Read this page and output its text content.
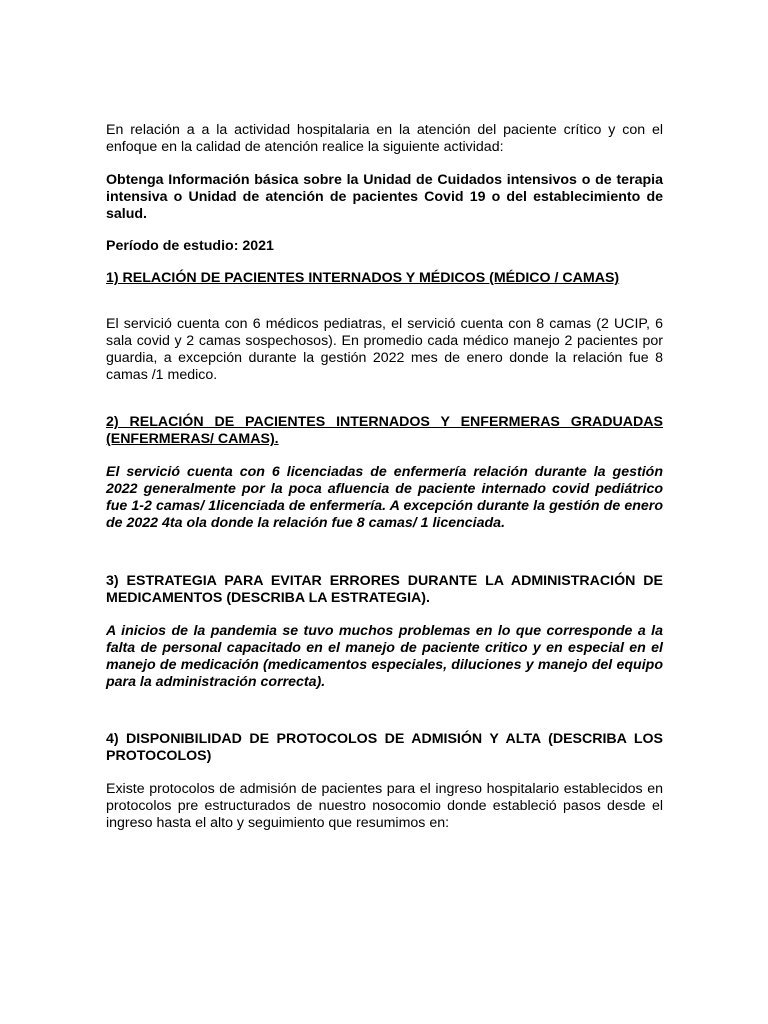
En relación a a la actividad hospitalaria en la atención del paciente crítico y con el enfoque en la calidad de atención realice la siguiente actividad:

Obtenga Información básica sobre la Unidad de Cuidados intensivos o de terapia intensiva o Unidad de atención de pacientes Covid 19 o del establecimiento de salud.

Período de estudio: 2021

1) RELACIÓN DE PACIENTES INTERNADOS Y MÉDICOS (MÉDICO / CAMAS)

El servició cuenta con 6 médicos pediatras, el servició cuenta con 8 camas (2 UCIP, 6 sala covid y 2 camas sospechosos). En promedio cada médico manejo 2 pacientes por guardia, a excepción durante la gestión 2022 mes de enero donde la relación fue 8 camas /1 medico.

2) RELACIÓN DE PACIENTES INTERNADOS Y ENFERMERAS GRADUADAS (ENFERMERAS/ CAMAS).

El servició cuenta con 6 licenciadas de enfermería relación durante la gestión 2022 generalmente por la poca afluencia de paciente internado covid pediátrico fue 1-2 camas/ 1licenciada de enfermería. A excepción durante la gestión de enero de 2022 4ta ola donde la relación fue 8 camas/ 1 licenciada.

3) ESTRATEGIA PARA EVITAR ERRORES DURANTE LA ADMINISTRACIÓN DE MEDICAMENTOS (DESCRIBA LA ESTRATEGIA).

A inicios de la pandemia se tuvo muchos problemas en lo que corresponde a la falta de personal capacitado en el manejo de paciente critico y en especial en el manejo de medicación (medicamentos especiales, diluciones y manejo del equipo para la administración correcta).

4) DISPONIBILIDAD DE PROTOCOLOS DE ADMISIÓN Y ALTA (DESCRIBA LOS PROTOCOLOS)

Existe protocolos de admisión de pacientes para el ingreso hospitalario establecidos en protocolos pre estructurados de nuestro nosocomio donde estableció pasos desde el ingreso hasta el alto y seguimiento que resumimos en:
